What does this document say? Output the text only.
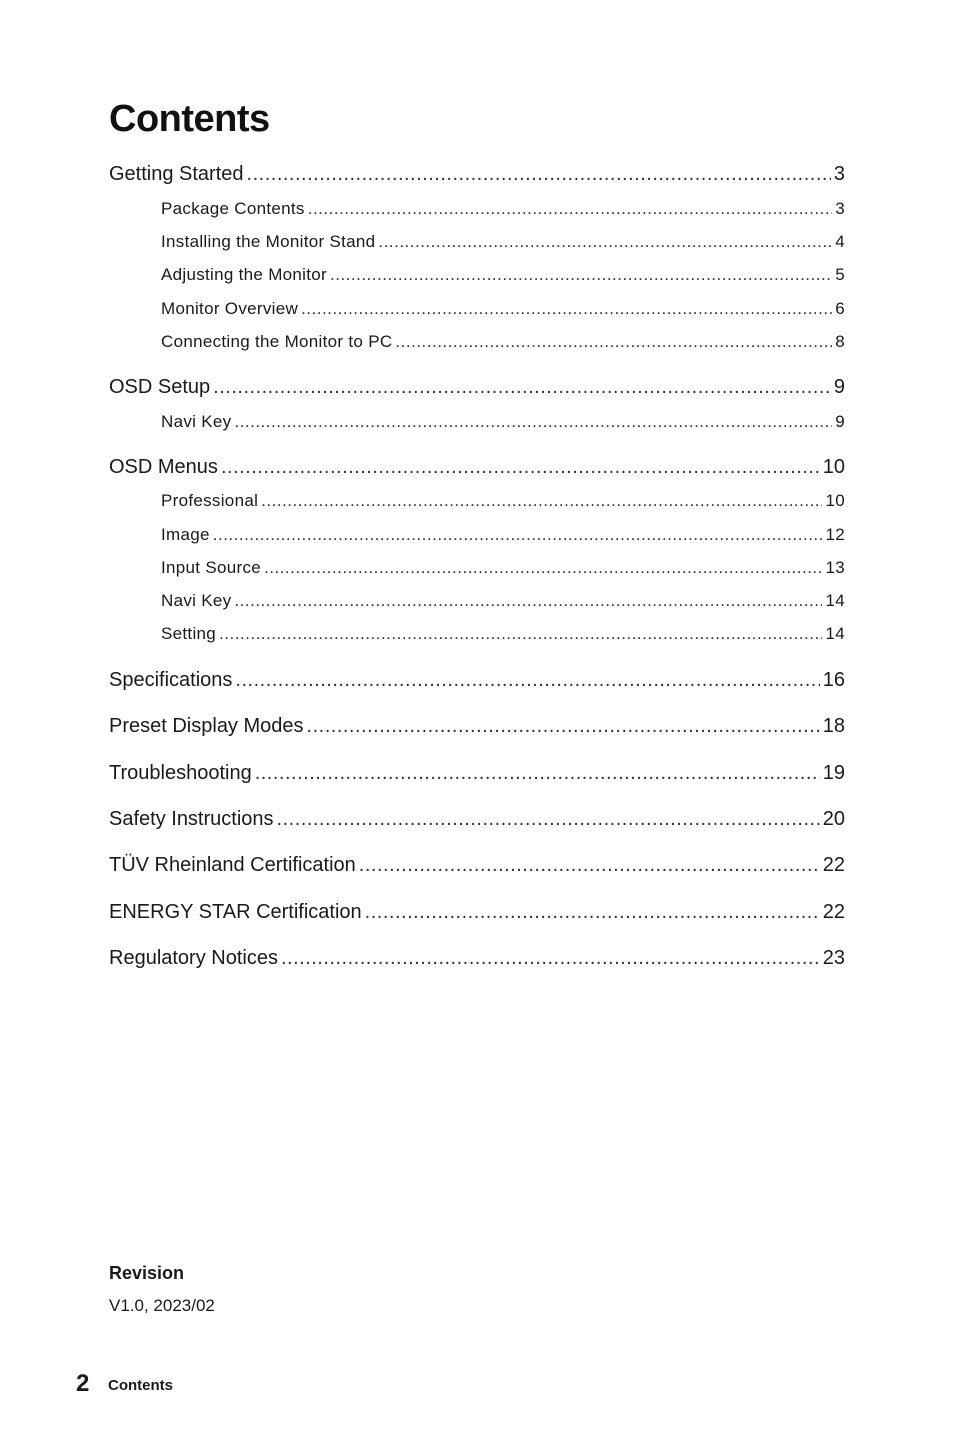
Contents
Getting Started .....	3
Package Contents .....	3
Installing the Monitor Stand .....	4
Adjusting the Monitor .....	5
Monitor Overview .....	6
Connecting the Monitor to PC .....	8
OSD Setup .....	9
Navi Key .....	9
OSD Menus .....	10
Professional .....	10
Image .....	12
Input Source .....	13
Navi Key .....	14
Setting .....	14
Specifications .....	16
Preset Display Modes .....	18
Troubleshooting .....	19
Safety Instructions .....	20
TÜV Rheinland Certification .....	22
ENERGY STAR Certification .....	22
Regulatory Notices .....	23
Revision
V1.0, 2023/02
2 Contents
